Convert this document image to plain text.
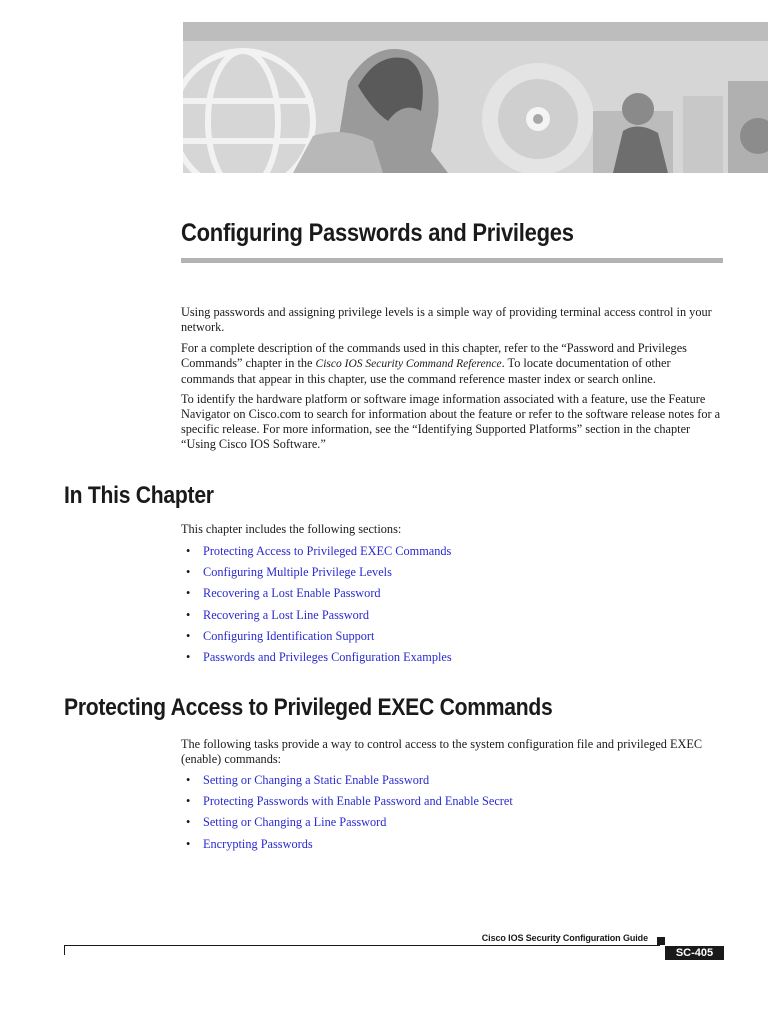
Configuring Passwords and Privileges

Using passwords and assigning privilege levels is a simple way of providing terminal access control in your network.

For a complete description of the commands used in this chapter, refer to the “Password and Privileges Commands” chapter in the Cisco IOS Security Command Reference. To locate documentation of other commands that appear in this chapter, use the command reference master index or search online.

To identify the hardware platform or software image information associated with a feature, use the Feature Navigator on Cisco.com to search for information about the feature or refer to the software release notes for a specific release. For more information, see the “Identifying Supported Platforms” section in the chapter “Using Cisco IOS Software.”

In This Chapter

This chapter includes the following sections:

• Protecting Access to Privileged EXEC Commands
• Configuring Multiple Privilege Levels
• Recovering a Lost Enable Password
• Recovering a Lost Line Password
• Configuring Identification Support
• Passwords and Privileges Configuration Examples
Protecting Access to Privileged EXEC Commands

The following tasks provide a way to control access to the system configuration file and privileged EXEC (enable) commands:

• Setting or Changing a Static Enable Password
• Protecting Passwords with Enable Password and Enable Secret
• Setting or Changing a Line Password
• Encrypting Passwords
Cisco IOS Security Configuration Guide
SC-405
